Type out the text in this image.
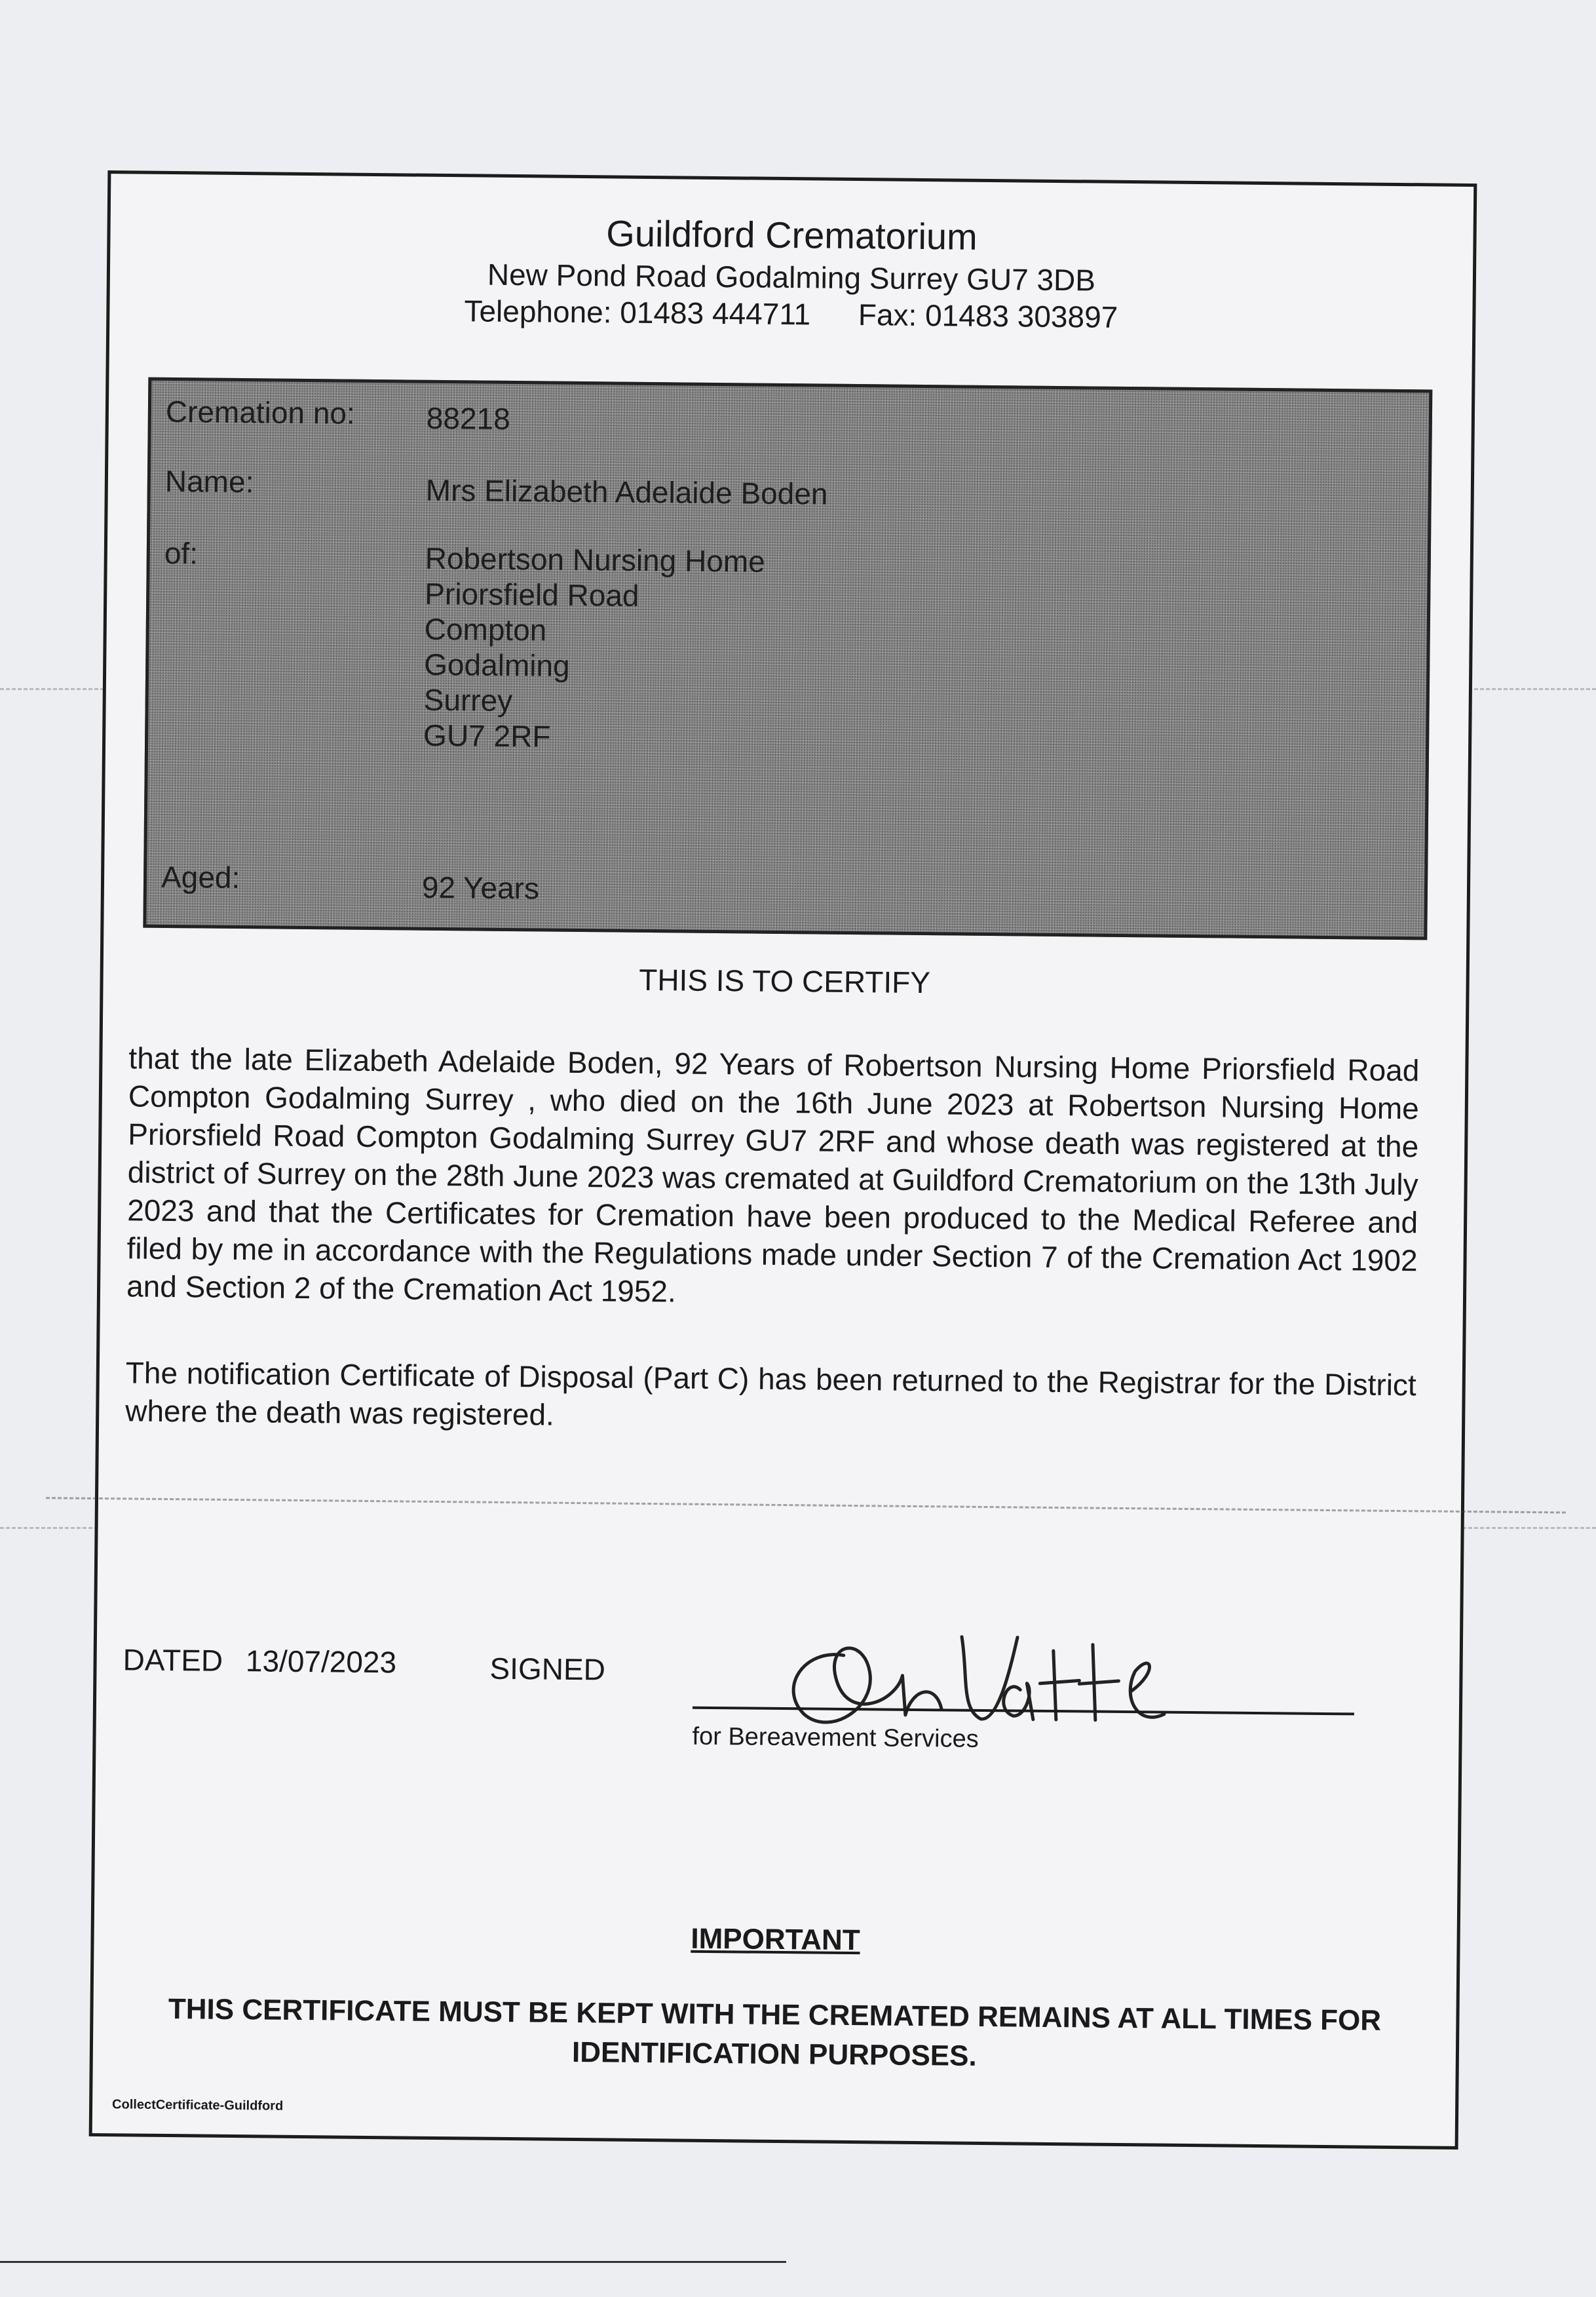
Guildford Crematorium
New Pond Road Godalming Surrey GU7 3DB
Telephone: 01483 444711 Fax: 01483 303897
Cremation no: 88218
Name:	Mrs Elizabeth Adelaide Boden
of:	Robertson Nursing Home
Priorsfield Road
Compton
Godalming
Surrey
GU7 2RF
Aged:	92 Years
THIS IS TO CERTIFY
that the late Elizabeth Adelaide Boden, 92 Years of Robertson Nursing Home Priorsfield Road Compton Godalming Surrey , who died on the 16th June 2023 at Robertson Nursing Home Priorsfield Road Compton Godalming Surrey GU7 2RF and whose death was registered at the district of Surrey on the 28th June 2023 was cremated at Guildford Crematorium on the 13th July 2023 and that the Certificates for Cremation have been produced to the Medical Referee and filed by me in accordance with the Regulations made under Section 7 of the Cremation Act 1902 and Section 2 of the Cremation Act 1952.
The notification Certificate of Disposal (Part C) has been returned to the Registrar for the District where the death was registered.
DATED 13/07/2023	SIGNED
for Bereavement Services
IMPORTANT
THIS CERTIFICATE MUST BE KEPT WITH THE CREMATED REMAINS AT ALL TIMES FOR IDENTIFICATION PURPOSES.
CollectCertificate-Guildford
